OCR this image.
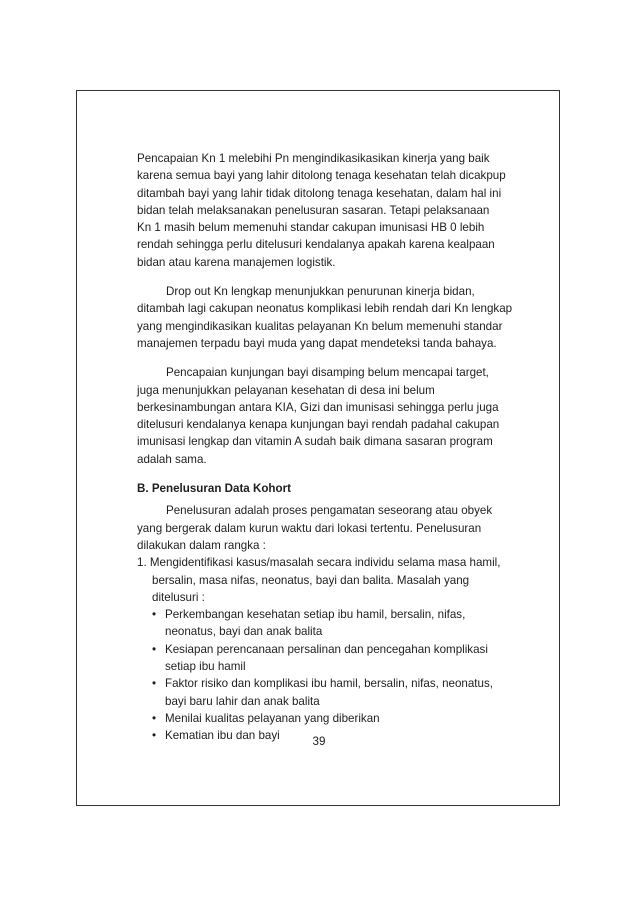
Pencapaian Kn 1 melebihi Pn mengindikasikasikan kinerja yang baik
karena semua bayi yang lahir ditolong tenaga kesehatan telah dicakpup
ditambah bayi yang lahir tidak ditolong tenaga kesehatan, dalam hal ini
bidan telah melaksanakan penelusuran sasaran. Tetapi pelaksanaan
Kn 1 masih belum memenuhi standar cakupan imunisasi HB 0 lebih
rendah sehingga perlu ditelusuri kendalanya apakah karena kealpaan
bidan atau karena manajemen logistik.

Drop out Kn lengkap menunjukkan penurunan kinerja bidan,
ditambah lagi cakupan neonatus komplikasi lebih rendah dari Kn lengkap
yang mengindikasikan kualitas pelayanan Kn belum memenuhi standar
manajemen terpadu bayi muda yang dapat mendeteksi tanda bahaya.

Pencapaian kunjungan bayi disamping belum mencapai target,
juga menunjukkan pelayanan kesehatan di desa ini belum
berkesinambungan antara KIA, Gizi dan imunisasi sehingga perlu juga
ditelusuri kendalanya kenapa kunjungan bayi rendah padahal cakupan
imunisasi lengkap dan vitamin A sudah baik dimana sasaran program
adalah sama.

B. Penelusuran Data Kohort
Penelusuran adalah proses pengamatan seseorang atau obyek
yang bergerak dalam kurun waktu dari lokasi tertentu. Penelusuran
dilakukan dalam rangka :
1. Mengidentifikasi kasus/masalah secara individu selama masa hamil,
bersalin, masa nifas, neonatus, bayi dan balita. Masalah yang
ditelusuri :
• Perkembangan kesehatan setiap ibu hamil, bersalin, nifas,
neonatus, bayi dan anak balita
• Kesiapan perencanaan persalinan dan pencegahan komplikasi
setiap ibu hamil
• Faktor risiko dan komplikasi ibu hamil, bersalin, nifas, neonatus,
bayi baru lahir dan anak balita
• Menilai kualitas pelayanan yang diberikan
• Kematian ibu dan bayi	39
